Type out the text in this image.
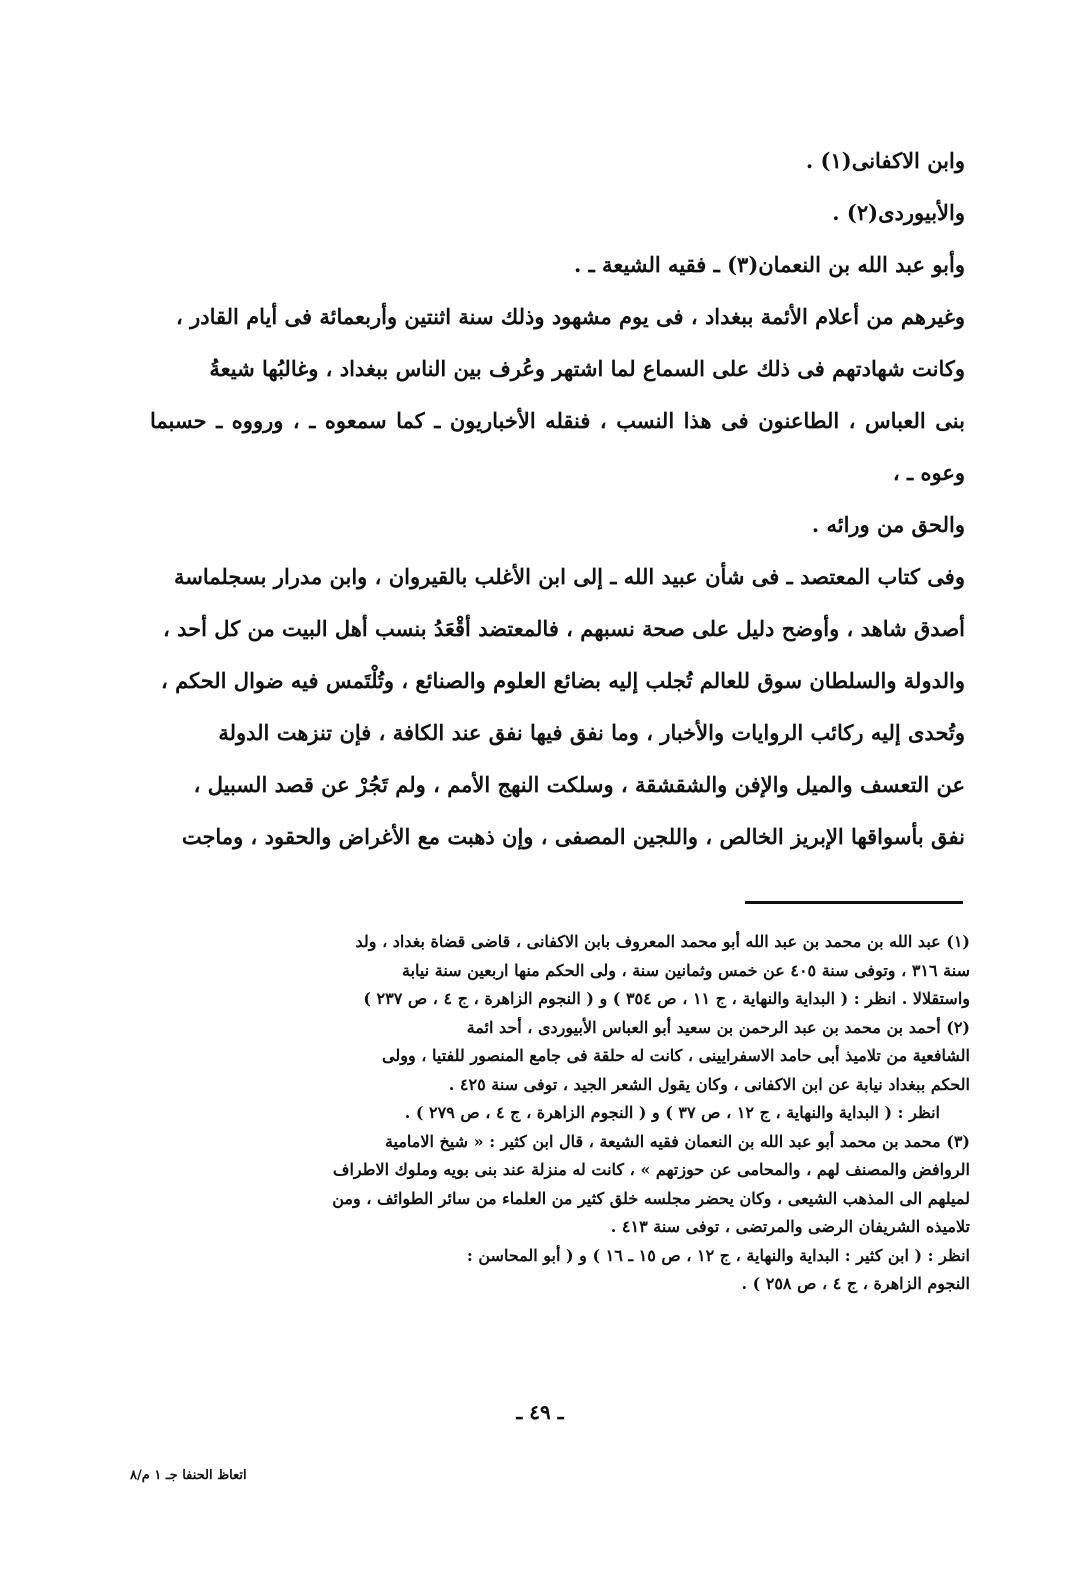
وابن الاكفانى(١) .

والأبيوردى(٢) .

وأبو عبد الله بن النعمان(٣) ـ فقيه الشيعة ـ .

وغيرهم من أعلام الأئمة ببغداد ، فى يوم مشهود وذلك سنة اثنتين وأربعمائة فى أيام القادر ،

وكانت شهادتهم فى ذلك على السماع لما اشتهر وعُرف بين الناس ببغداد ، وغالبُها شيعةُ

بنى العباس ، الطاعنون فى هذا النسب ، فنقله الأخباريون ـ كما سمعوه ـ ، ورووه ـ حسبما وعوه ـ ،

والحق من ورائه .

وفى كتاب المعتصد ـ فى شأن عبيد الله ـ إلى ابن الأغلب بالقيروان ، وابن مدرار بسجلماسة

أصدق شاهد ، وأوضح دليل على صحة نسبهم ، فالمعتضد أقْعَدُ بنسب أهل البيت من كل أحد ،

والدولة والسلطان سوق للعالم تُجلب إليه بضائع العلوم والصنائع ، وتُلْتَمس فيه ضوال الحكم ،

وتُحدى إليه ركائب الروايات والأخبار ، وما نفق فيها نفق عند الكافة ، فإن تنزهت الدولة

عن التعسف والميل والإفن والشقشقة ، وسلكت النهج الأمم ، ولم تَجُرْ عن قصد السبيل ،

نفق بأسواقها الإبريز الخالص ، واللجين المصفى ، وإن ذهبت مع الأغراض والحقود ، وماجت

(١) عبد الله بن محمد بن عبد الله أبو محمد المعروف بابن الاكفانى ، قاضى قضاة بغداد ، ولد

سنة ٣١٦ ، وتوفى سنة ٤٠٥ عن خمس وثمانين سنة ، ولى الحكم منها اربعين سنة نيابة

واستقلالا . انظر : ( البداية والنهاية ، ج ١١ ، ص ٣٥٤ ) و ( النجوم الزاهرة ، ج ٤ ، ص ٢٣٧ )

(٢) أحمد بن محمد بن عبد الرحمن بن سعيد أبو العباس الأبيوردى ، أحد ائمة

الشافعية من تلاميذ أبى حامد الاسفرايينى ، كانت له حلقة فى جامع المنصور للفتيا ، وولى

الحكم ببغداد نيابة عن ابن الاكفانى ، وكان يقول الشعر الجيد ، توفى سنة ٤٢٥ .

انظر : ( البداية والنهاية ، ج ١٢ ، ص ٣٧ ) و ( النجوم الزاهرة ، ج ٤ ، ص ٢٧٩ ) .

(٣) محمد بن محمد أبو عبد الله بن النعمان فقيه الشيعة ، قال ابن كثير : « شيخ الامامية

الروافض والمصنف لهم ، والمحامى عن حوزتهم » ، كانت له منزلة عند بنى بويه وملوك الاطراف

لميلهم الى المذهب الشيعى ، وكان يحضر مجلسه خلق كثير من العلماء من سائر الطوائف ، ومن

تلاميذه الشريفان الرضى والمرتضى ، توفى سنة ٤١٣ .

انظر : ( ابن كثير : البداية والنهاية ، ج ١٢ ، ص ١٥ ـ ١٦ ) و ( أبو المحاسن :

النجوم الزاهرة ، ج ٤ ، ص ٢٥٨ ) .

ـ ٤٩ ـ
اتعاظ الحنفا جـ ١ م/٨
